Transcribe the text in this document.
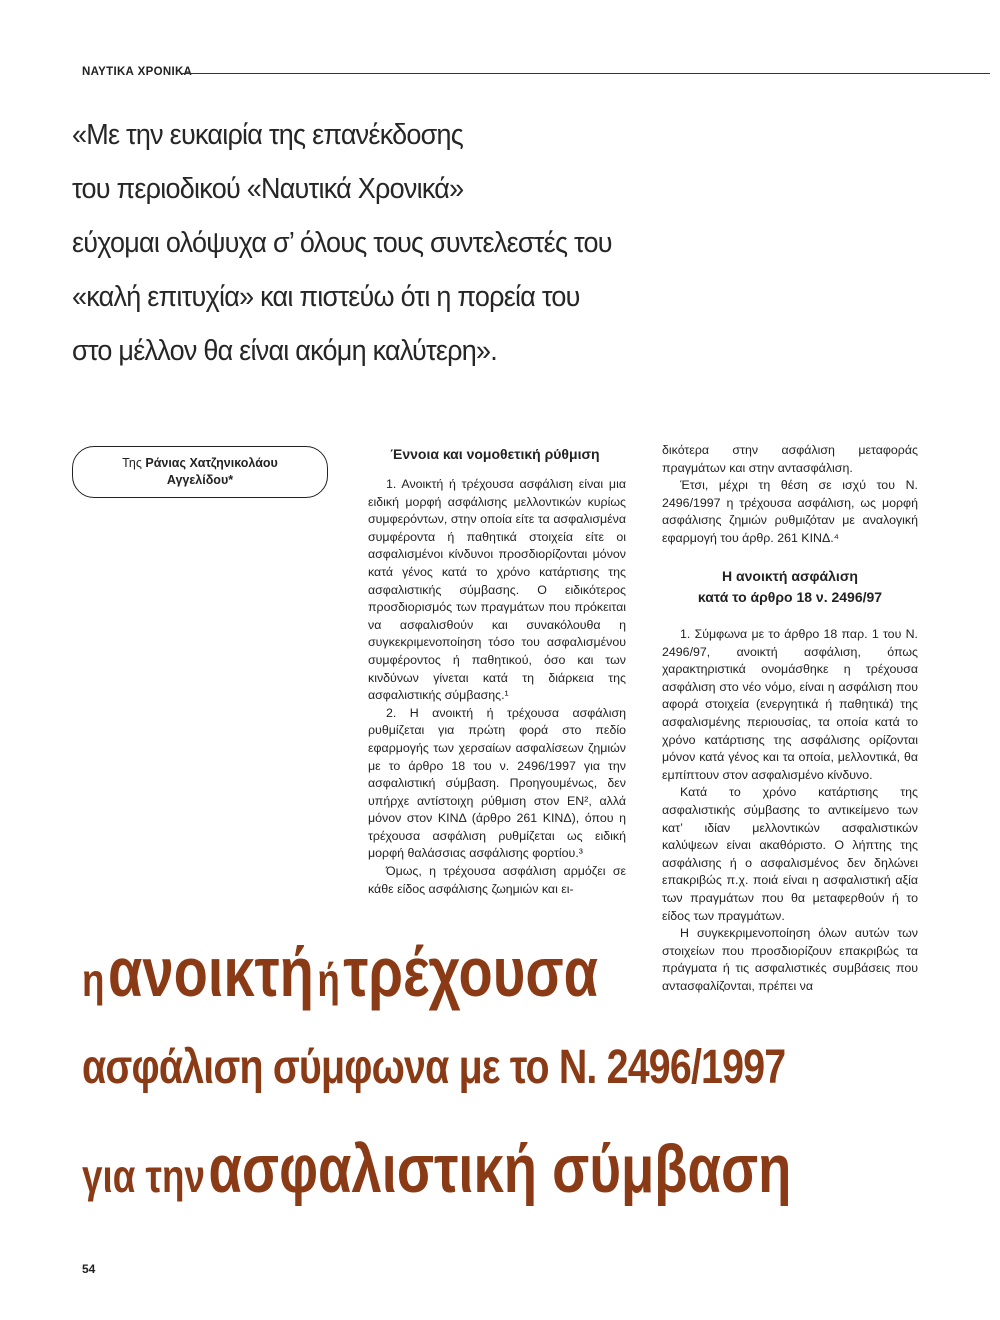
ΝΑΥΤΙΚΑ ΧΡΟΝΙΚΑ
«Με την ευκαιρία της επανέκδοσης
του περιοδικού «Ναυτικά Χρονικά»
εύχομαι ολόψυχα σ’ όλους τους συντελεστές του
«καλή επιτυχία» και πιστεύω ότι η πορεία του
στο μέλλον θα είναι ακόμη καλύτερη».
Της Ράνιας Χατζηνικολάου
Αγγελίδου*
Έννοια και νομοθετική ρύθμιση

1. Ανοικτή ή τρέχουσα ασφάλιση είναι μια ειδική μορφή ασφάλισης μελλοντικών κυρίως συμφερόντων, στην οποία είτε τα ασφαλισμένα συμφέροντα ή παθητικά στοιχεία είτε οι ασφαλισμένοι κίνδυνοι προσδιορίζονται μόνον κατά γένος κατά το χρόνο κατάρτισης της ασφαλιστικής σύμβασης. Ο ειδικότερος προσδιορισμός των πραγμάτων που πρόκειται να ασφαλισθούν και συνακόλουθα η συγκεκριμενοποίηση τόσο του ασφαλισμένου συμφέροντος ή παθητικού, όσο και των κινδύνων γίνεται κατά τη διάρκεια της ασφαλιστικής σύμβασης.¹

2. Η ανοικτή ή τρέχουσα ασφάλιση ρυθμίζεται για πρώτη φορά στο πεδίο εφαρμογής των χερσαίων ασφαλίσεων ζημιών με το άρθρο 18 του ν. 2496/1997 για την ασφαλιστική σύμβαση. Προηγουμένως, δεν υπήρχε αντίστοιχη ρύθμιση στον ΕΝ², αλλά μόνον στον ΚΙΝΔ (άρθρο 261 ΚΙΝΔ), όπου η τρέχουσα ασφάλιση ρυθμίζεται ως ειδική μορφή θαλάσσιας ασφάλισης φορτίου.³

Όμως, η τρέχουσα ασφάλιση αρμόζει σε κάθε είδος ασφάλισης ζωημιών και ει-

δικότερα στην ασφάλιση μεταφοράς πραγμάτων και στην αντασφάλιση.

Έτσι, μέχρι τη θέση σε ισχύ του Ν. 2496/1997 η τρέχουσα ασφάλιση, ως μορφή ασφάλισης ζημιών ρυθμιζόταν με αναλογική εφαρμογή του άρθρ. 261 ΚΙΝΔ.⁴

Η ανοικτή ασφάλιση
κατά το άρθρο 18 ν. 2496/97

1. Σύμφωνα με το άρθρο 18 παρ. 1 του Ν. 2496/97, ανοικτή ασφάλιση, όπως χαρακτηριστικά ονομάσθηκε η τρέχουσα ασφάλιση στο νέο νόμο, είναι η ασφάλιση που αφορά στοιχεία (ενεργητικά ή παθητικά) της ασφαλισμένης περιουσίας, τα οποία κατά το χρόνο κατάρτισης της ασφάλισης ορίζονται μόνον κατά γένος και τα οποία, μελλοντικά, θα εμπίπτουν στον ασφαλισμένο κίνδυνο.

Κατά το χρόνο κατάρτισης της ασφαλιστικής σύμβασης το αντικείμενο των κατ’ ιδίαν μελλοντικών ασφαλιστικών καλύψεων είναι ακαθόριστο. Ο λήπτης της ασφάλισης ή ο ασφαλισμένος δεν δηλώνει επακριβώς π.χ. ποιά είναι η ασφαλιστική αξία των πραγμάτων που θα μεταφερθούν ή το είδος των πραγμάτων.

Η συγκεκριμενοποίηση όλων αυτών των στοιχείων που προσδιορίζουν επακριβώς τα πράγματα ή τις ασφαλιστικές συμβάσεις που αντασφαλίζονται, πρέπει να

η ανοικτή ή τρέχουσα
ασφάλιση σύμφωνα με το Ν. 2496/1997
για την ασφαλιστική σύμβαση
54
